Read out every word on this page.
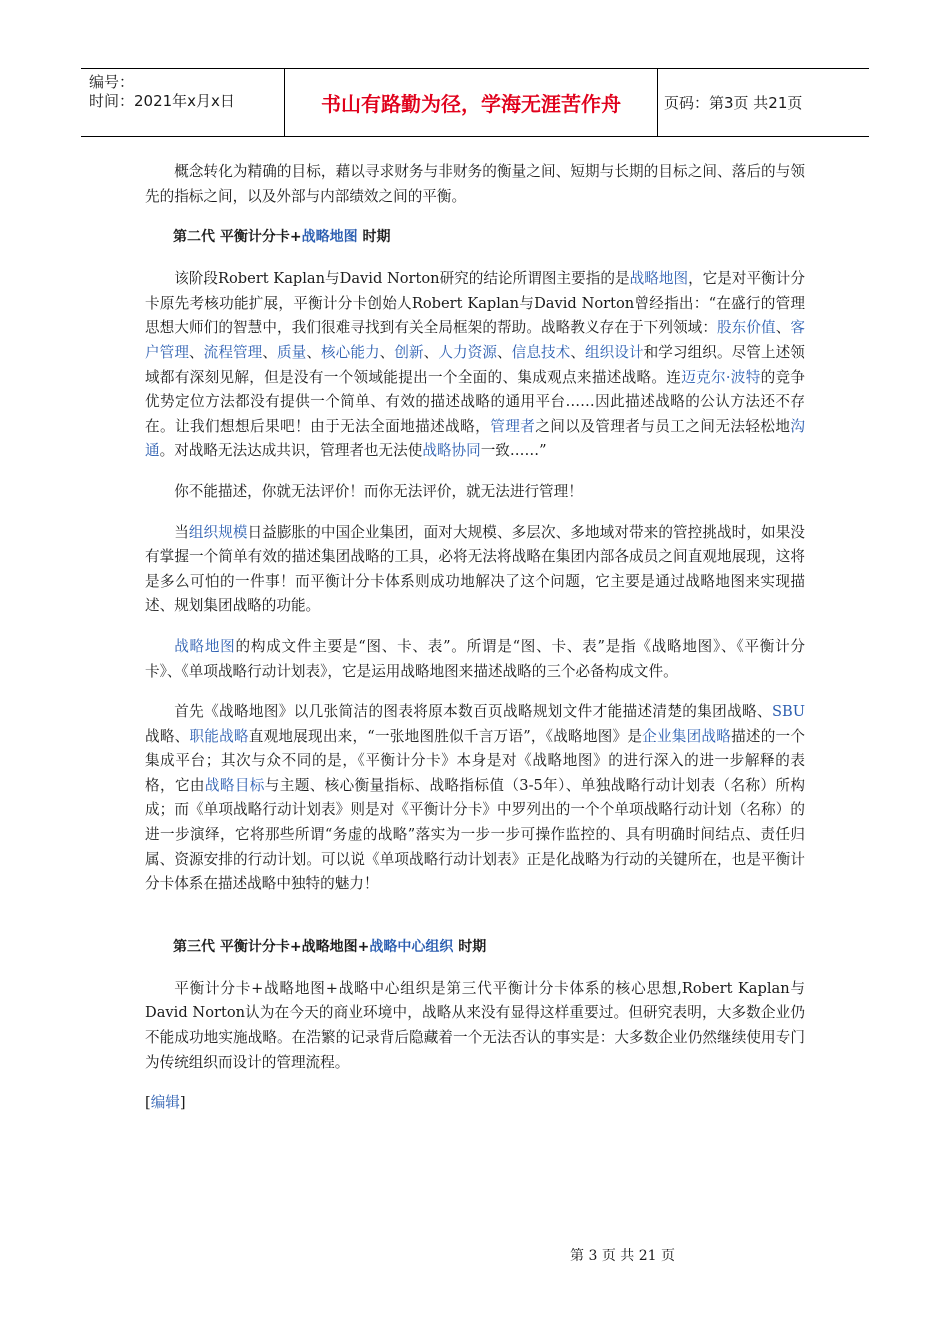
编号：
时间：2021年x月x日	书山有路勤为径，学海无涯苦作舟	页码：第3页 共21页

概念转化为精确的目标，藉以寻求财务与非财务的衡量之间、短期与长期的目标之间、落后的与领先的指标之间，以及外部与内部绩效之间的平衡。

第二代 平衡计分卡+战略地图 时期

该阶段Robert Kaplan与David Norton研究的结论所谓图主要指的是战略地图，它是对平衡计分卡原先考核功能扩展，平衡计分卡创始人Robert Kaplan与David Norton曾经指出：“在盛行的管理思想大师们的智慧中，我们很难寻找到有关全局框架的帮助。战略教义存在于下列领域：股东价值、客户管理、流程管理、质量、核心能力、创新、人力资源、信息技术、组织设计和学习组织。尽管上述领域都有深刻见解，但是没有一个领域能提出一个全面的、集成观点来描述战略。连迈克尔·波特的竞争优势定位方法都没有提供一个简单、有效的描述战略的通用平台……因此描述战略的公认方法还不存在。让我们想想后果吧！由于无法全面地描述战略，管理者之间以及管理者与员工之间无法轻松地沟通。对战略无法达成共识，管理者也无法使战略协同一致……”

你不能描述，你就无法评价！而你无法评价，就无法进行管理！

当组织规模日益膨胀的中国企业集团，面对大规模、多层次、多地域对带来的管控挑战时，如果没有掌握一个简单有效的描述集团战略的工具，必将无法将战略在集团内部各成员之间直观地展现，这将是多么可怕的一件事！而平衡计分卡体系则成功地解决了这个问题，它主要是通过战略地图来实现描述、规划集团战略的功能。

战略地图的构成文件主要是“图、卡、表”。所谓是“图、卡、表”是指《战略地图》、《平衡计分卡》、《单项战略行动计划表》，它是运用战略地图来描述战略的三个必备构成文件。

首先《战略地图》以几张简洁的图表将原本数百页战略规划文件才能描述清楚的集团战略、SBU战略、职能战略直观地展现出来，“一张地图胜似千言万语”，《战略地图》是企业集团战略描述的一个集成平台；其次与众不同的是，《平衡计分卡》本身是对《战略地图》的进行深入的进一步解释的表格，它由战略目标与主题、核心衡量指标、战略指标值（3-5年）、单独战略行动计划表（名称）所构成；而《单项战略行动计划表》则是对《平衡计分卡》中罗列出的一个个单项战略行动计划（名称）的进一步演绎，它将那些所谓“务虚的战略”落实为一步一步可操作监控的、具有明确时间结点、责任归属、资源安排的行动计划。可以说《单项战略行动计划表》正是化战略为行动的关键所在，也是平衡计分卡体系在描述战略中独特的魅力！

第三代 平衡计分卡+战略地图+战略中心组织 时期

平衡计分卡+战略地图+战略中心组织是第三代平衡计分卡体系的核心思想,Robert Kaplan与David Norton认为在今天的商业环境中，战略从来没有显得这样重要过。但研究表明，大多数企业仍不能成功地实施战略。在浩繁的记录背后隐藏着一个无法否认的事实是：大多数企业仍然继续使用专门为传统组织而设计的管理流程。

[编辑]

第 3 页 共 21 页
